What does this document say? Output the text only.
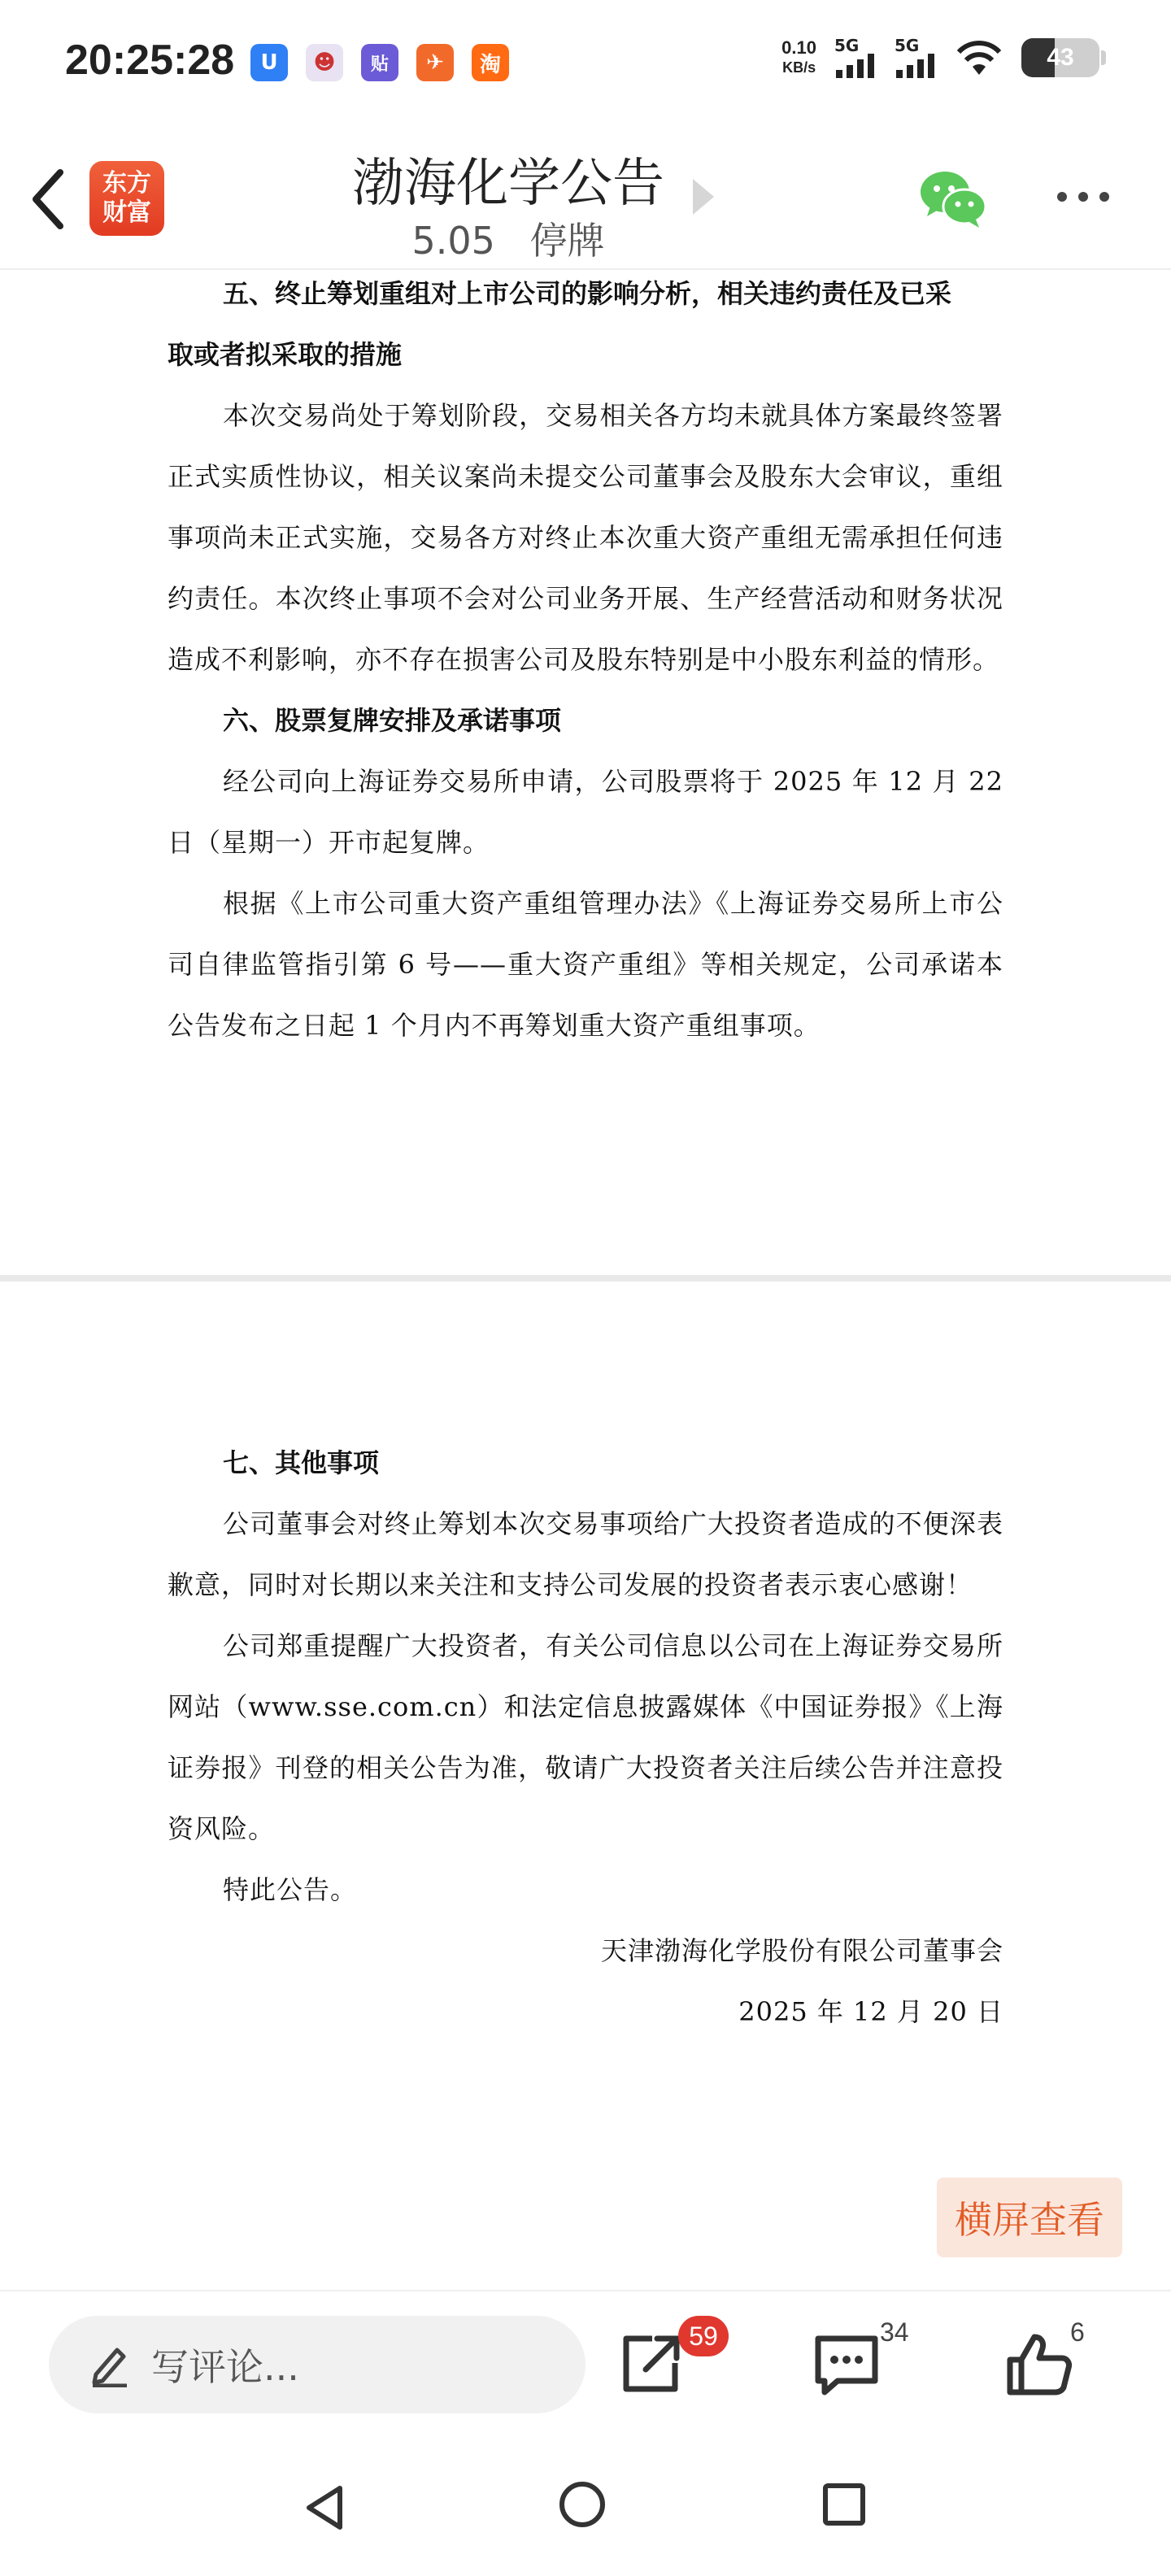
20:25:28	U	☻	贴	✈	淘
0.10
KB/s
5G 5G	43
东方
财富	渤海化学公告
5.05 停牌
五、终止筹划重组对上市公司的影响分析，相关违约责任及已采
取或者拟采取的措施

本次交易尚处于筹划阶段，交易相关各方均未就具体方案最终签署正式实质性协议，相关议案尚未提交公司董事会及股东大会审议，重组事项尚未正式实施，交易各方对终止本次重大资产重组无需承担任何违约责任。本次终止事项不会对公司业务开展、生产经营活动和财务状况造成不利影响，亦不存在损害公司及股东特别是中小股东利益的情形。

六、股票复牌安排及承诺事项

经公司向上海证券交易所申请，公司股票将于 2025 年 12 月 22 日（星期一）开市起复牌。

根据《上市公司重大资产重组管理办法》《上海证券交易所上市公司自律监管指引第 6 号——重大资产重组》等相关规定，公司承诺本公告发布之日起 1 个月内不再筹划重大资产重组事项。

七、其他事项

公司董事会对终止筹划本次交易事项给广大投资者造成的不便深表歉意，同时对长期以来关注和支持公司发展的投资者表示衷心感谢！

公司郑重提醒广大投资者，有关公司信息以公司在上海证券交易所网站（www.sse.com.cn）和法定信息披露媒体《中国证券报》《上海证券报》刊登的相关公告为准，敬请广大投资者关注后续公告并注意投资风险。

特此公告。

天津渤海化学股份有限公司董事会

2025 年 12 月 20 日

横屏查看
写评论...
59	34	6
